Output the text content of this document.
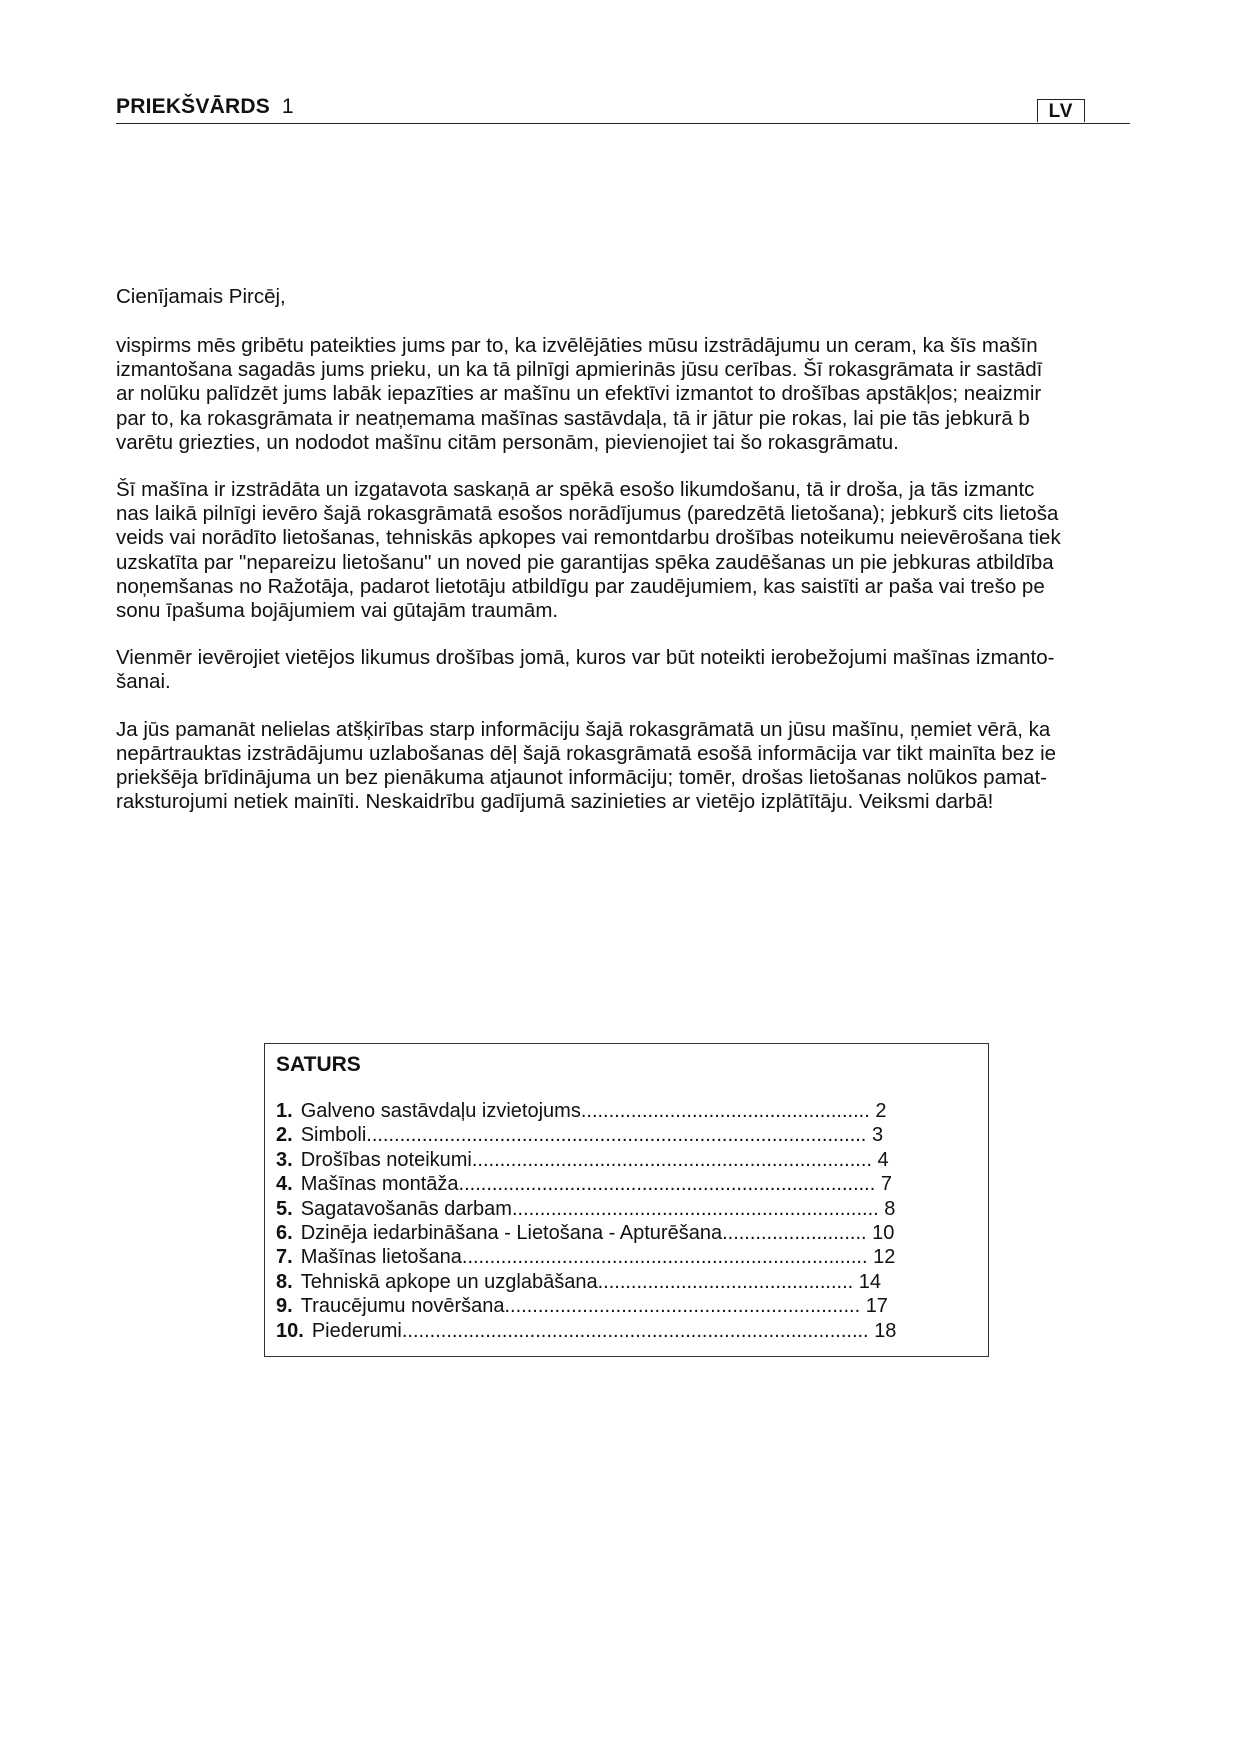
PRIEKŠVĀRDS 1	LV

Cienījamais Pircēj,

vispirms mēs gribētu pateikties jums par to, ka izvēlējāties mūsu izstrādājumu un ceram, ka šīs mašīn
izmantošana sagadās jums prieku, un ka tā pilnīgi apmierinās jūsu cerības. Šī rokasgrāmata ir sastādī
ar nolūku palīdzēt jums labāk iepazīties ar mašīnu un efektīvi izmantot to drošības apstākļos; neaizmir
par to, ka rokasgrāmata ir neatņemama mašīnas sastāvdaļa, tā ir jātur pie rokas, lai pie tās jebkurā b
varētu griezties, un nododot mašīnu citām personām, pievienojiet tai šo rokasgrāmatu.

Šī mašīna ir izstrādāta un izgatavota saskaņā ar spēkā esošo likumdošanu, tā ir droša, ja tās izmantc
nas laikā pilnīgi ievēro šajā rokasgrāmatā esošos norādījumus (paredzētā lietošana); jebkurš cits lietoša
veids vai norādīto lietošanas, tehniskās apkopes vai remontdarbu drošības noteikumu neievērošana tiek
uzskatīta par "nepareizu lietošanu" un noved pie garantijas spēka zaudēšanas un pie jebkuras atbildība
noņemšanas no Ražotāja, padarot lietotāju atbildīgu par zaudējumiem, kas saistīti ar paša vai trešo pe
sonu īpašuma bojājumiem vai gūtajām traumām.

Vienmēr ievērojiet vietējos likumus drošības jomā, kuros var būt noteikti ierobežojumi mašīnas izmanto-
šanai.

Ja jūs pamanāt nelielas atšķirības starp informāciju šajā rokasgrāmatā un jūsu mašīnu, ņemiet vērā, ka
nepārtrauktas izstrādājumu uzlabošanas dēļ šajā rokasgrāmatā esošā informācija var tikt mainīta bez ie
priekšēja brīdinājuma un bez pienākuma atjaunot informāciju; tomēr, drošas lietošanas nolūkos pamat-
raksturojumi netiek mainīti. Neskaidrību gadījumā sazinieties ar vietējo izplātītāju. Veiksmi darbā!

SATURS
1. Galveno sastāvdaļu izvietojums.................................................... 2
2. Simboli.......................................................................................... 3
3. Drošības noteikumi........................................................................ 4
4. Mašīnas montāža........................................................................... 7
5. Sagatavošanās darbam.................................................................. 8
6. Dzinēja iedarbināšana - Lietošana - Apturēšana.......................... 10
7. Mašīnas lietošana......................................................................... 12
8. Tehniskā apkope un uzglabāšana.............................................. 14
9. Traucējumu novēršana................................................................ 17
10. Piederumi.................................................................................... 18
